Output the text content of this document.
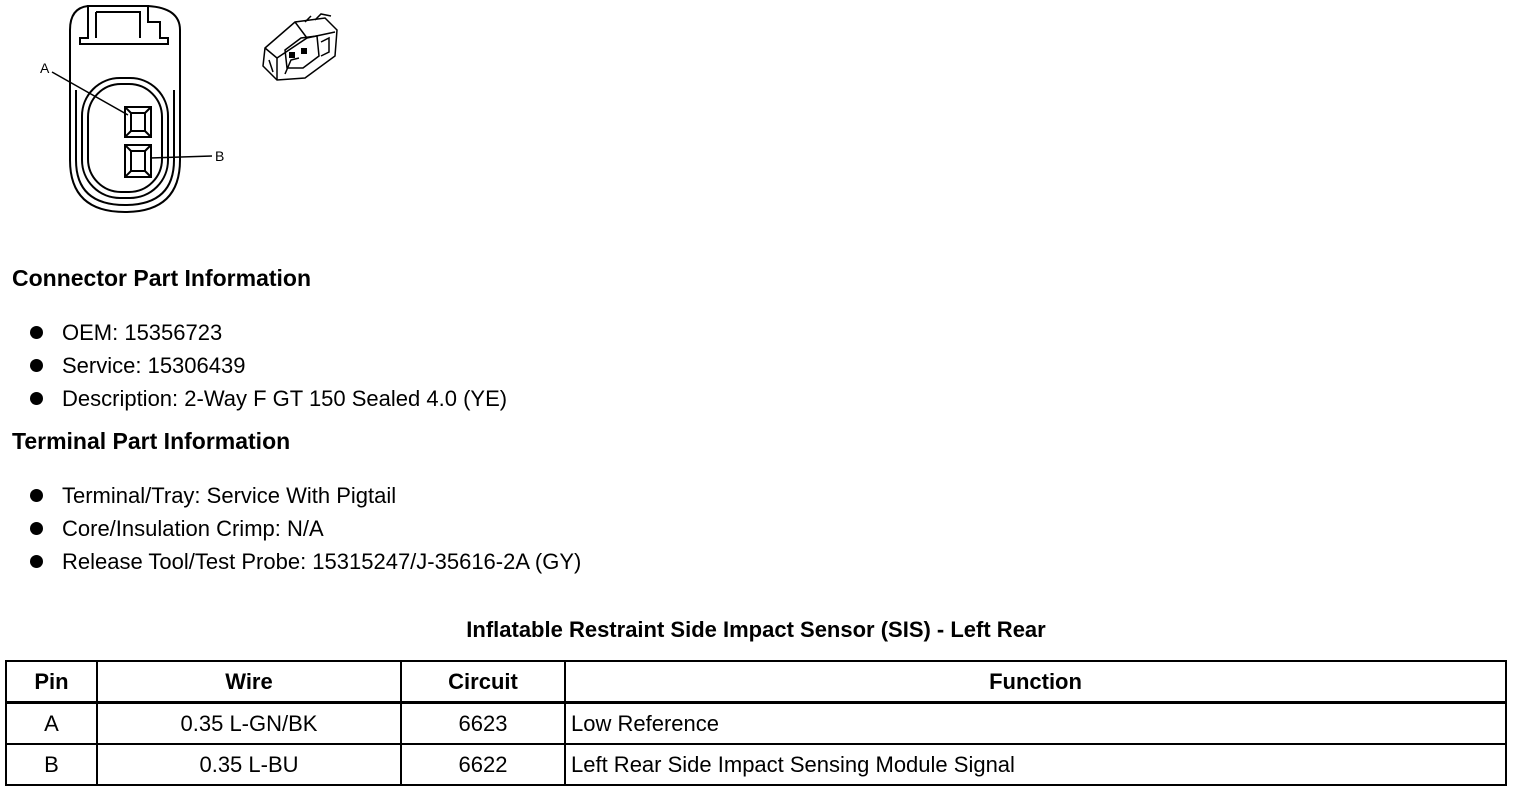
A
B
Connector Part Information
OEM: 15356723
Service: 15306439
Description: 2-Way F GT 150 Sealed 4.0 (YE)
Terminal Part Information
Terminal/Tray: Service With Pigtail
Core/Insulation Crimp: N/A
Release Tool/Test Probe: 15315247/J-35616-2A (GY)
Inflatable Restraint Side Impact Sensor (SIS) - Left Rear
Pin	Wire	Circuit	Function
A	0.35 L-GN/BK	6623	Low Reference
B	0.35 L-BU	6622	Left Rear Side Impact Sensing Module Signal
